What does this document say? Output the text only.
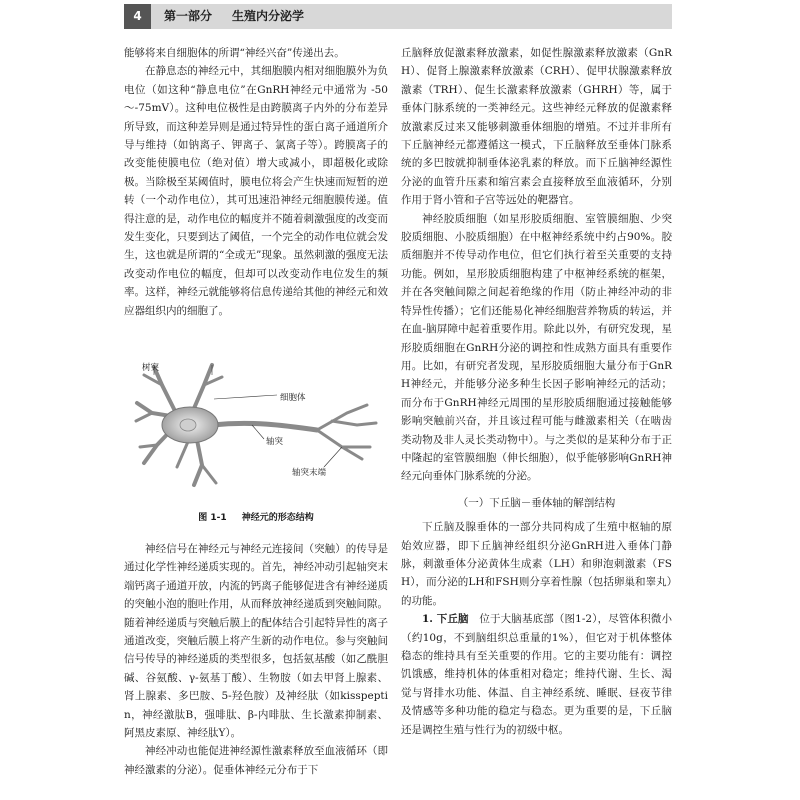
4	第一部分 生殖内分泌学

能够将来自细胞体的所谓“神经兴奋”传递出去。

在静息态的神经元中，其细胞膜内相对细胞膜外为负电位（如这种“静息电位”在GnRH神经元中通常为 -50～-75mV）。这种电位极性是由跨膜离子内外的分布差异所导致，而这种差异则是通过特异性的蛋白离子通道所介导与维持（如钠离子、钾离子、氯离子等）。跨膜离子的改变能使膜电位（绝对值）增大或减小，即超极化或除极。当除极至某阈值时，膜电位将会产生快速而短暂的逆转（一个动作电位），其可迅速沿神经元细胞膜传递。值得注意的是，动作电位的幅度并不随着刺激强度的改变而发生变化，只要到达了阈值，一个完全的动作电位就会发生，这也就是所谓的“全或无”现象。虽然刺激的强度无法改变动作电位的幅度，但却可以改变动作电位发生的频率。这样，神经元就能够将信息传递给其他的神经元和效应器组织内的细胞了。

树突
细胞体
轴突
轴突末端
图 1-1 神经元的形态结构

神经信号在神经元与神经元连接间（突触）的传导是通过化学性神经递质实现的。首先，神经冲动引起轴突末端钙离子通道开放，内流的钙离子能够促进含有神经递质的突触小泡的胞吐作用，从而释放神经递质到突触间隙。随着神经递质与突触后膜上的配体结合引起特异性的离子通道改变，突触后膜上将产生新的动作电位。参与突触间信号传导的神经递质的类型很多，包括氨基酸（如乙酰胆碱、谷氨酸、γ-氨基丁酸）、生物胺（如去甲肾上腺素、肾上腺素、多巴胺、5-羟色胺）及神经肽（如kisspeptin，神经激肽B，强啡肽、β-内啡肽、生长激素抑制素、阿黑皮素原、神经肽Y）。

神经冲动也能促进神经源性激素释放至血液循环（即神经激素的分泌）。促垂体神经元分布于下

丘脑释放促激素释放激素，如促性腺激素释放激素（GnRH）、促肾上腺激素释放激素（CRH）、促甲状腺激素释放激素（TRH）、促生长激素释放激素（GHRH）等，属于垂体门脉系统的一类神经元。这些神经元释放的促激素释放激素反过来又能够刺激垂体细胞的增殖。不过并非所有下丘脑神经元都遵循这一模式，下丘脑释放至垂体门脉系统的多巴胺就抑制垂体泌乳素的释放。而下丘脑神经源性分泌的血管升压素和缩宫素会直接释放至血液循环，分别作用于肾小管和子宫等远处的靶器官。

神经胶质细胞（如星形胶质细胞、室管膜细胞、少突胶质细胞、小胶质细胞）在中枢神经系统中约占90%。胶质细胞并不传导动作电位，但它们执行着至关重要的支持功能。例如，星形胶质细胞构建了中枢神经系统的框架，并在各突触间隙之间起着绝缘的作用（防止神经冲动的非特异性传播）；它们还能易化神经细胞营养物质的转运，并在血-脑屏障中起着重要作用。除此以外，有研究发现，星形胶质细胞在GnRH分泌的调控和性成熟方面具有重要作用。比如，有研究者发现，星形胶质细胞大量分布于GnRH神经元，并能够分泌多种生长因子影响神经元的活动；而分布于GnRH神经元周围的星形胶质细胞通过接触能够影响突触前兴奋，并且该过程可能与雌激素相关（在啮齿类动物及非人灵长类动物中）。与之类似的是某种分布于正中隆起的室管膜细胞（伸长细胞），似乎能够影响GnRH神经元向垂体门脉系统的分泌。

（一）下丘脑－垂体轴的解剖结构

下丘脑及腺垂体的一部分共同构成了生殖中枢轴的原始效应器，即下丘脑神经组织分泌GnRH进入垂体门静脉，刺激垂体分泌黄体生成素（LH）和卵泡刺激素（FSH），而分泌的LH和FSH则分享着性腺（包括卵巢和睾丸）的功能。

1. 下丘脑　 位于大脑基底部（图1-2），尽管体积微小（约10g，不到脑组织总重量的1%），但它对于机体整体稳态的维持具有至关重要的作用。它的主要功能有：调控饥饿感，维持机体的体重相对稳定；维持代谢、生长、渴觉与肾排水功能、体温、自主神经系统、睡眠、昼夜节律及情感等多种功能的稳定与稳态。更为重要的是，下丘脑还是调控生殖与性行为的初级中枢。
